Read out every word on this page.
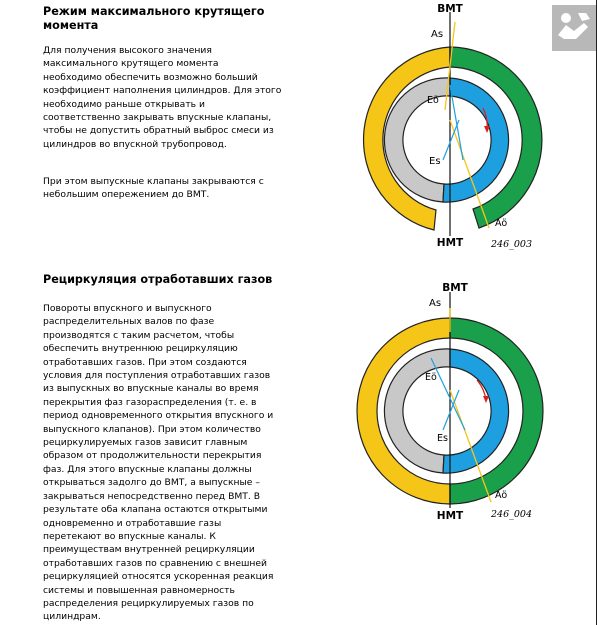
Режим максимального крутящего
момента

Для получения высокого значения
максимального крутящего момента
необходимо обеспечить возможно больший
коэффициент наполнения цилиндров. Для этого
необходимо раньше открывать и
соответственно закрывать впускные клапаны,
чтобы не допустить обратный выброс смеси из
цилиндров во впускной трубопровод.

При этом выпускные клапаны закрываются с
небольшим опережением до ВМТ.

Рециркуляция отработавших газов

Повороты впускного и выпускного
распределительных валов по фазе
производятся с таким расчетом, чтобы
обеспечить внутреннюю рециркуляцию
отработавших газов. При этом создаются
условия для поступления отработавших газов
из выпускных во впускные каналы во время
перекрытия фаз газораспределения (т. е. в
период одновременного открытия впускного и
выпускного клапанов). При этом количество
рециркулируемых газов зависит главным
образом от продолжительности перекрытия
фаз. Для этого впускные клапаны должны
открываться задолго до ВМТ, а выпускные –
закрываться непосредственно перед ВМТ. В
результате оба клапана остаются открытыми
одновременно и отработавшие газы
перетекают во впускные каналы. К
преимуществам внутренней рециркуляции
отработавших газов по сравнению с внешней
рециркуляцией относятся ускоренная реакция
системы и повышенная равномерность
распределения рециркулируемых газов по
цилиндрам.

ВМТ
НМТ
Aѕ
Eö
Es
Aö
246_003
ВМТ
НМТ
Aѕ
Eö
Es
Aö
246_004
